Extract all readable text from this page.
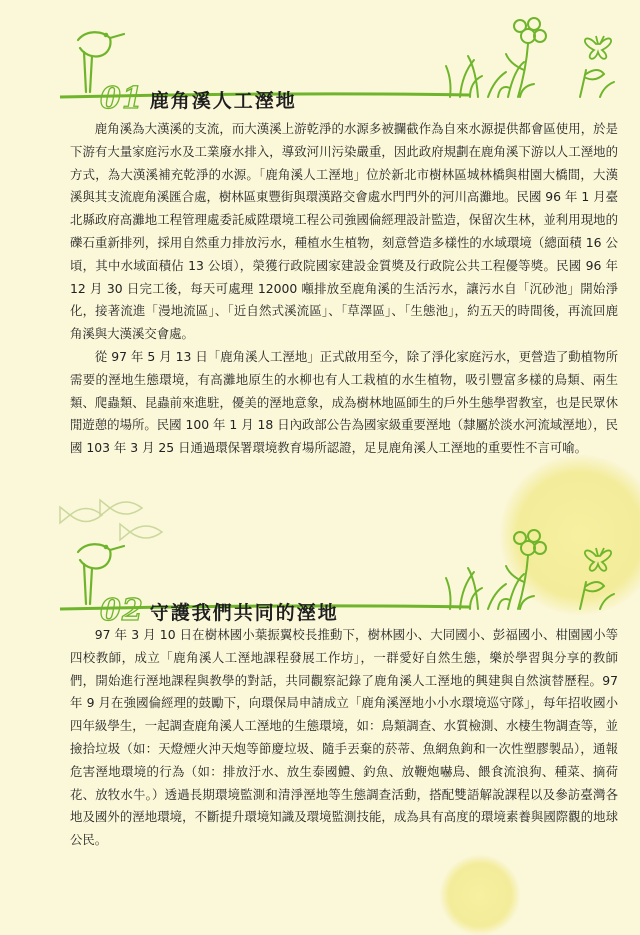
01 鹿角溪人工溼地

鹿角溪為大漢溪的支流，而大漢溪上游乾淨的水源多被攔截作為自來水源提供都會區使用，於是下游有大量家庭污水及工業廢水排入，導致河川污染嚴重，因此政府規劃在鹿角溪下游以人工溼地的方式，為大漢溪補充乾淨的水源。「鹿角溪人工溼地」位於新北市樹林區城林橋與柑園大橋間，大漢溪與其支流鹿角溪匯合處，樹林區東豐街與環漢路交會處水門門外的河川高灘地。民國 96 年 1 月臺北縣政府高灘地工程管理處委託威陞環境工程公司強國倫經理設計監造，保留次生林，並利用現地的礫石重新排列，採用自然重力排放污水，種植水生植物，刻意營造多樣性的水域環境（總面積 16 公頃，其中水域面積佔 13 公頃），榮獲行政院國家建設金質獎及行政院公共工程優等獎。民國 96 年 12 月 30 日完工後，每天可處理 12000 噸排放至鹿角溪的生活污水，讓污水自「沉砂池」開始淨化，接著流進「漫地流區」、「近自然式溪流區」、「草澤區」、「生態池」，約五天的時間後，再流回鹿角溪與大漢溪交會處。

從 97 年 5 月 13 日「鹿角溪人工溼地」正式啟用至今，除了淨化家庭污水，更營造了動植物所需要的溼地生態環境，有高灘地原生的水柳也有人工栽植的水生植物，吸引豐富多樣的鳥類、兩生類、爬蟲類、昆蟲前來進駐，優美的溼地意象，成為樹林地區師生的戶外生態學習教室，也是民眾休閒遊憩的場所。民國 100 年 1 月 18 日內政部公告為國家級重要溼地（隸屬於淡水河流域溼地），民國 103 年 3 月 25 日通過環保署環境教育場所認證，足見鹿角溪人工溼地的重要性不言可喻。

02 守護我們共同的溼地

97 年 3 月 10 日在樹林國小葉振翼校長推動下，樹林國小、大同國小、彭福國小、柑園國小等四校教師，成立「鹿角溪人工溼地課程發展工作坊」，一群愛好自然生態，樂於學習與分享的教師們，開始進行溼地課程與教學的對話，共同觀察記錄了鹿角溪人工溼地的興建與自然演替歷程。97 年 9 月在強國倫經理的鼓勵下，向環保局申請成立「鹿角溪溼地小小水環境巡守隊」，每年招收國小四年級學生，一起調查鹿角溪人工溼地的生態環境，如：鳥類調查、水質檢測、水棲生物調查等，並撿拾垃圾（如：天燈煙火沖天炮等節慶垃圾、隨手丟棄的菸蒂、魚網魚鉤和一次性塑膠製品），通報危害溼地環境的行為（如：排放汙水、放生泰國鱧、釣魚、放鞭炮嚇鳥、餵食流浪狗、種菜、摘荷花、放牧水牛。）透過長期環境監測和清淨溼地等生態調查活動，搭配雙語解說課程以及參訪臺灣各地及國外的溼地環境，不斷提升環境知識及環境監測技能，成為具有高度的環境素養與國際觀的地球公民。
